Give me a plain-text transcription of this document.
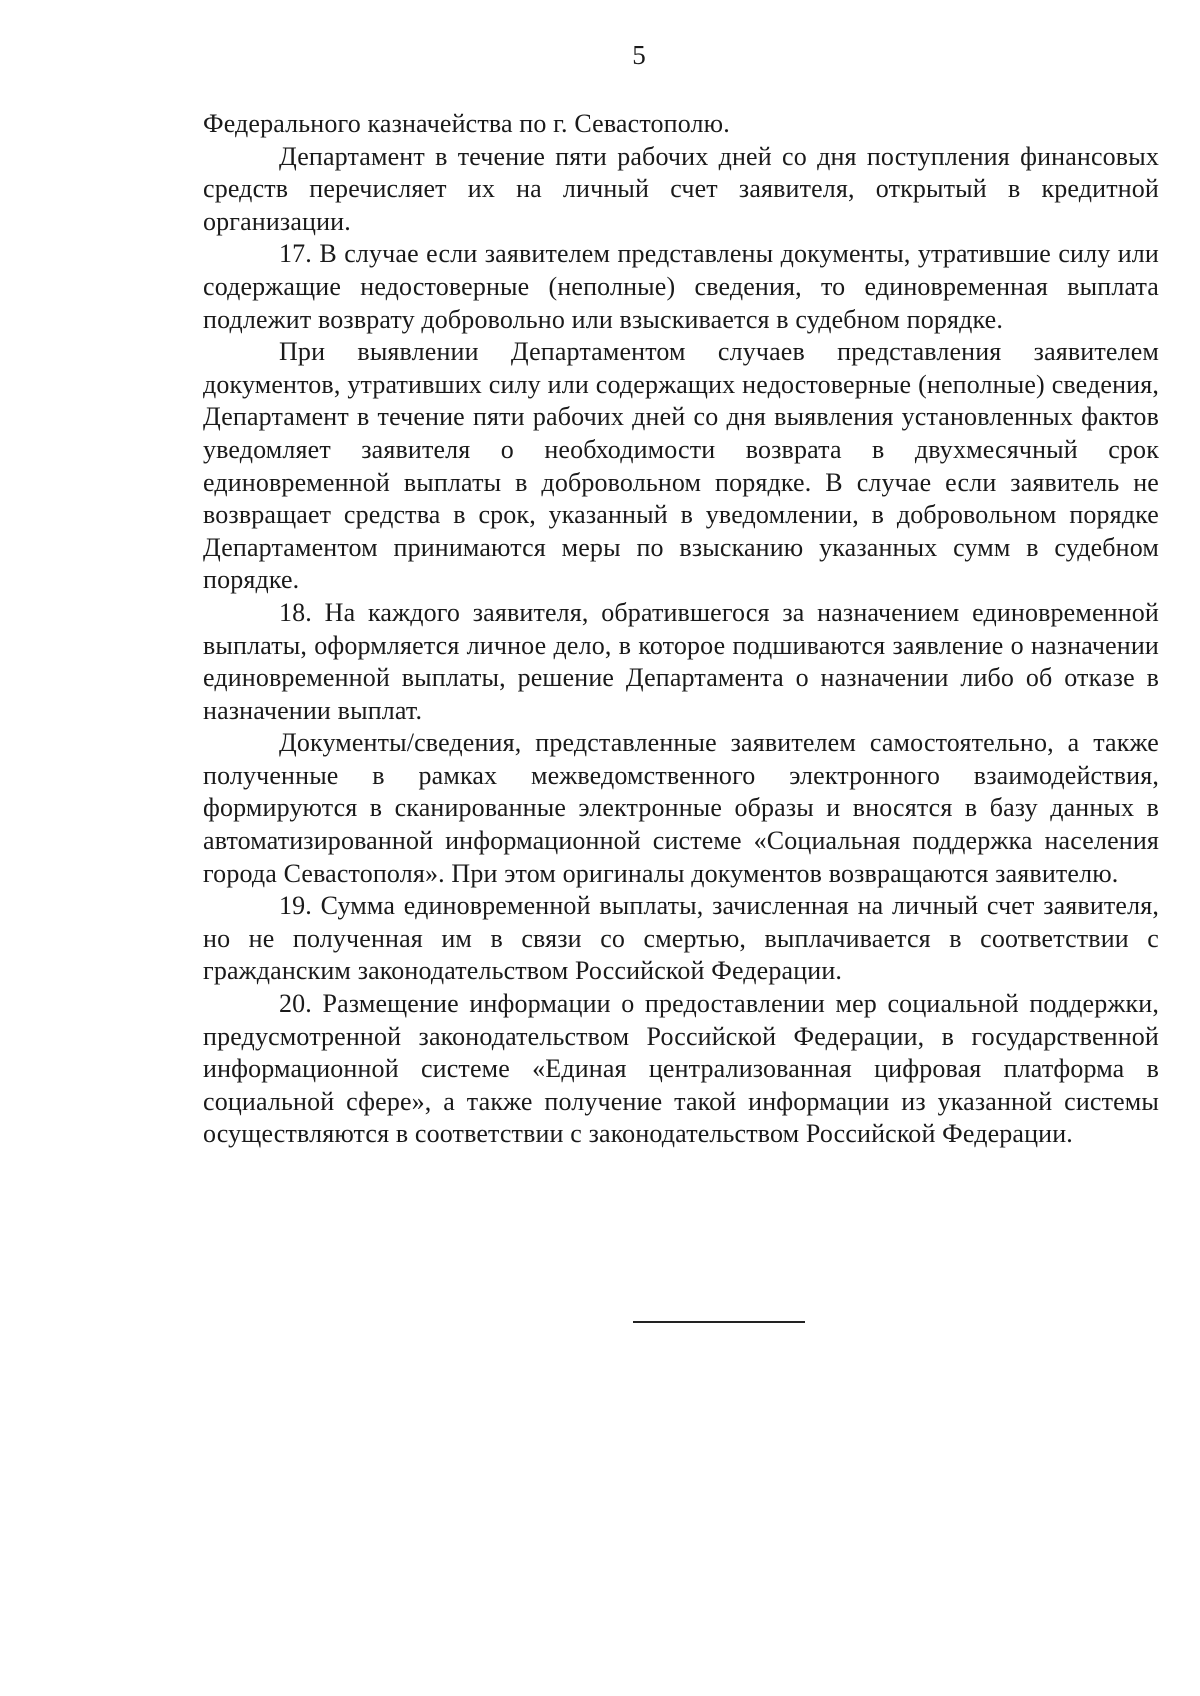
5

Федерального казначейства по г. Севастополю.

Департамент в течение пяти рабочих дней со дня поступления финансовых средств перечисляет их на личный счет заявителя, открытый в кредитной организации.

17. В случае если заявителем представлены документы, утратившие силу или содержащие недостоверные (неполные) сведения, то единовременная выплата подлежит возврату добровольно или взыскивается в судебном порядке.

При выявлении Департаментом случаев представления заявителем документов, утративших силу или содержащих недостоверные (неполные) сведения, Департамент в течение пяти рабочих дней со дня выявления установленных фактов уведомляет заявителя о необходимости возврата в двухмесячный срок единовременной выплаты в добровольном порядке. В случае если заявитель не возвращает средства в срок, указанный в уведомлении, в добровольном порядке Департаментом принимаются меры по взысканию указанных сумм в судебном порядке.

18. На каждого заявителя, обратившегося за назначением единовременной выплаты, оформляется личное дело, в которое подшиваются заявление о назначении единовременной выплаты, решение Департамента о назначении либо об отказе в назначении выплат.

Документы/сведения, представленные заявителем самостоятельно, а также полученные в рамках межведомственного электронного взаимодействия, формируются в сканированные электронные образы и вносятся в базу данных в автоматизированной информационной системе «Социальная поддержка населения города Севастополя». При этом оригиналы документов возвращаются заявителю.

19. Сумма единовременной выплаты, зачисленная на личный счет заявителя, но не полученная им в связи со смертью, выплачивается в соответствии с гражданским законодательством Российской Федерации.

20. Размещение информации о предоставлении мер социальной поддержки, предусмотренной законодательством Российской Федерации, в государственной информационной системе «Единая централизованная цифровая платформа в социальной сфере», а также получение такой информации из указанной системы осуществляются в соответствии с законодательством Российской Федерации.
